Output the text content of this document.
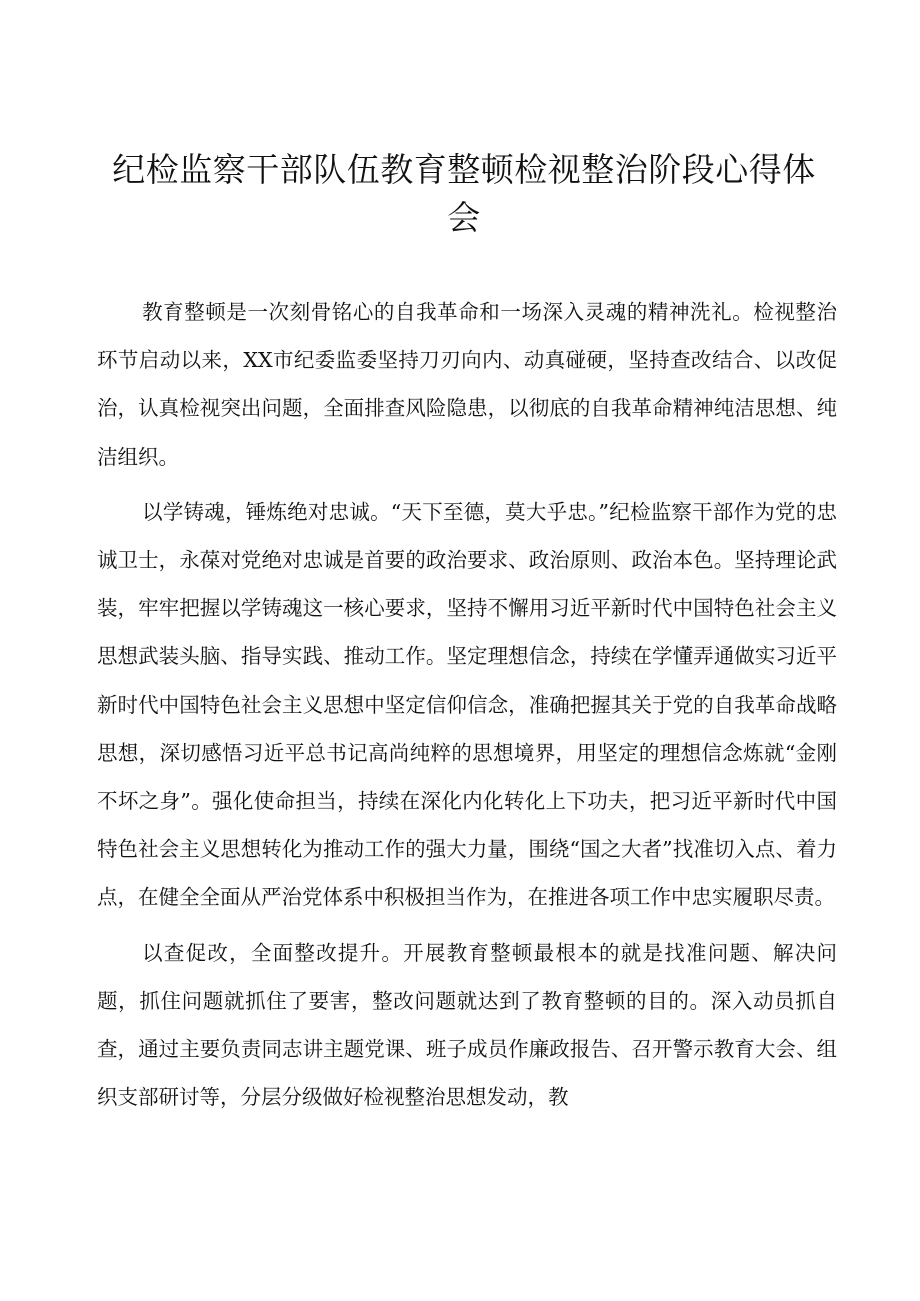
纪检监察干部队伍教育整顿检视整治阶段心得体会

教育整顿是一次刻骨铭心的自我革命和一场深入灵魂的精神洗礼。检视整治环节启动以来，XX市纪委监委坚持刀刃向内、动真碰硬，坚持查改结合、以改促治，认真检视突出问题，全面排查风险隐患，以彻底的自我革命精神纯洁思想、纯洁组织。

以学铸魂，锤炼绝对忠诚。“天下至德，莫大乎忠。”纪检监察干部作为党的忠诚卫士，永葆对党绝对忠诚是首要的政治要求、政治原则、政治本色。坚持理论武装，牢牢把握以学铸魂这一核心要求，坚持不懈用习近平新时代中国特色社会主义思想武装头脑、指导实践、推动工作。坚定理想信念，持续在学懂弄通做实习近平新时代中国特色社会主义思想中坚定信仰信念，准确把握其关于党的自我革命战略思想，深切感悟习近平总书记高尚纯粹的思想境界，用坚定的理想信念炼就“金刚不坏之身”。强化使命担当，持续在深化内化转化上下功夫，把习近平新时代中国特色社会主义思想转化为推动工作的强大力量，围绕“国之大者”找准切入点、着力点，在健全全面从严治党体系中积极担当作为，在推进各项工作中忠实履职尽责。

以查促改，全面整改提升。开展教育整顿最根本的就是找准问题、解决问题，抓住问题就抓住了要害，整改问题就达到了教育整顿的目的。深入动员抓自查，通过主要负责同志讲主题党课、班子成员作廉政报告、召开警示教育大会、组织支部研讨等，分层分级做好检视整治思想发动，教
